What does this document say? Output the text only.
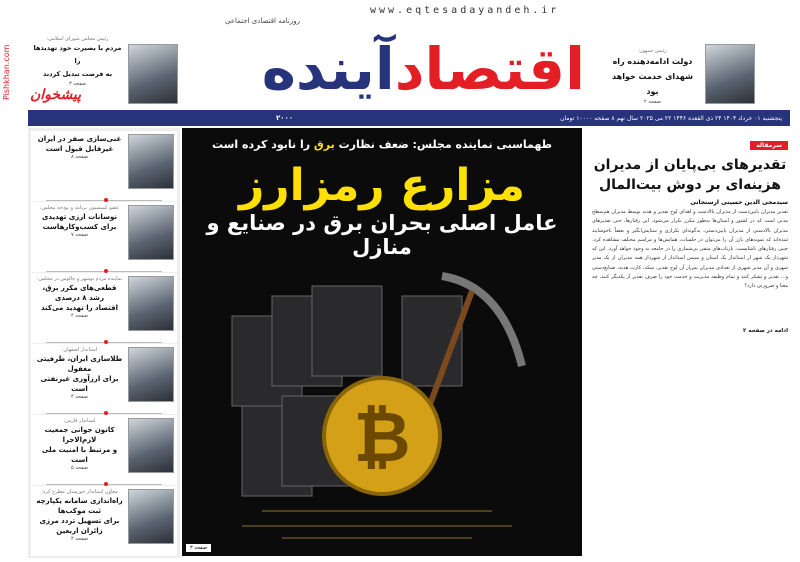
روزنامه اقتصادی اجتماعی
www.eqtesadayandeh.ir
اقتصاد
آینده
رئیس مجلس شورای اسلامی:
مردم با بصیرت خود تهدیدها را
به فرصت تبدیل کردند
صفحه ۳
رئیس جمهور:
دولت ادامه‌دهنده راه
شهدای خدمت خواهد بود
صفحه ۲
پنجشنبه ۰۱ خرداد ۱۴۰۴ ۲۴ ذی القعده ۱۴۴۶ ۲۲ می ۲۰۲۵ سال نهم ۸ صفحه ۱۰۰۰۰ تومان
۲۰۰۰
غنی‌سازی صفر در ایران
غیرقابل قبول است
صفحه ۸
عضو کمیسیون برنامه و بودجه مجلس:
نوسانات ارزی تهدیدی
برای کسب‌وکارهاست
صفحه ۷
نماینده مردم نوشهر و چالوس در مجلس:
قطعی‌های مکرر برق، رشد ۸ درصدی
اقتصاد را تهدید می‌کند
صفحه ۴
استاندار اصفهان:
طلاسازی ایران، ظرفیتی مغفول
برای ارزآوری غیرنفتی است
صفحه ۴
استاندار فارس:
کانون جوانی جمعیت لازم‌الاجرا
و مرتبط با امنیت ملی است
صفحه ۵
معاون استاندار خوزستان مطرح کرد:
راه‌اندازی سامانه یکپارچه ثبت موکب‌ها
برای تسهیل تردد مرزی زائران اربعین
صفحه ۴
طهماسبی نماینده مجلس: ضعف نظارت برق را نابود کرده است
مزارع رمزارز
عامل اصلی بحران برق در صنایع و منازل
₿
صفحه ۳
سرمقاله
تقدیرهای بی‌پایان از مدیران
هزینه‌ای بر دوش بیت‌المال
سیدمحی الدین حسینی ارسنجانی
تقدیر مدیران پایین‌دست از مدیران بالادست و اهدای لوح تقدیر و هدیه توسط مدیران هم‌سطح مدتی است که در کشور و استان‌ها به‌طور مکرر تکرار می‌شود. این رفتارها، حتی تقدیرهای مدیران بالادستی از مدیران پایین‌دستی، به‌گونه‌ای تکراری و ستایش‌انگیز و بعضاً ناخوشایند شده‌اند که نمونه‌های بارز آن را می‌توان در جلسات، همایش‌ها و مراسم مختلف مشاهده کرد. چنین رفتارهای ناشایست، بازتاب‌های منفی بی‌شماری را در جامعه به وجود خواهد آورد. این که شهردار یک شهر از استاندار یک استان و سپس استاندار از شهردار همه مدیران از یک مدیر شهری و آن مدیر شهری از تعدادی مدیران پس‌از آن لوح تقدیر، سکه، کارت هدیه، صنایع‌دستی و... تقدیر و تشکر کنند و تمام وظیفه مدیریت و خدمت خود را صرف تقدیر از یکدیگر کنند، چه معنا و ضرورتی دارد؟
ادامه در صفحه ۲
پیشخوان
Pishkhan.com
